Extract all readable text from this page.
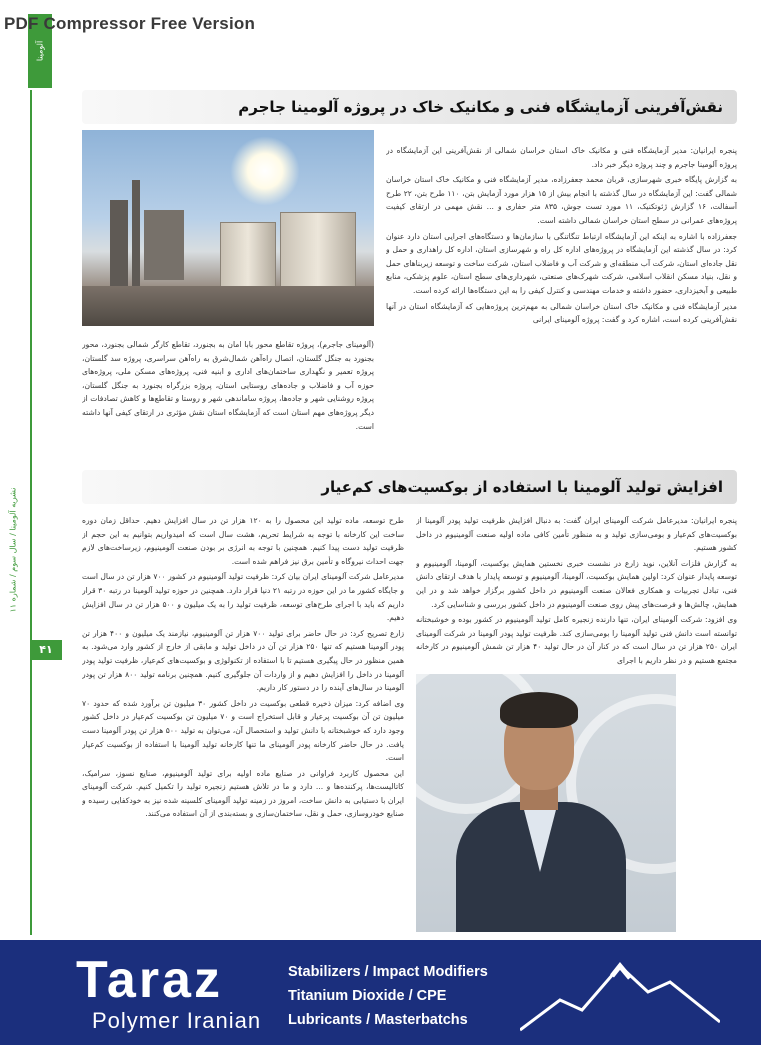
PDF Compressor Free Version
آلومینا
نشریه آلومینا / سال سوم / شماره ۱۱
۴۱
نقش‌آفرینی آزمایشگاه فنی و مکانیک خاک در پروژه آلومینا جاجرم

پنجره ایرانیان: مدیر آزمایشگاه فنی و مکانیک خاک استان خراسان شمالی از نقش‌آفرینی این آزمایشگاه در پروژه آلومینا جاجرم و چند پروژه دیگر خبر داد.

به گزارش پایگاه خبری شهرسازی، قربان محمد جعفرزاده، مدیر آزمایشگاه فنی و مکانیک خاک استان خراسان شمالی گفت: این آزمایشگاه در سال گذشته با انجام بیش از ۱۵ هزار مورد آزمایش بتن، ۱۱۰ طرح بتن، ۲۲ طرح آسفالت، ۱۶ گزارش ژئوتکنیک، ۱۱ مورد تست جوش، ۸۳۵ متر حفاری و ... نقش مهمی در ارتقای کیفیت پروژه‌های عمرانی در سطح استان خراسان شمالی داشته است.

جعفرزاده با اشاره به اینکه این آزمایشگاه ارتباط تنگاتنگی با سازمان‌ها و دستگاه‌های اجرایی استان دارد عنوان کرد: در سال گذشته این آزمایشگاه در پروژه‌های اداره کل راه و شهرسازی استان، اداره کل راهداری و حمل و نقل جاده‌ای استان، شرکت آب منطقه‌ای و شرکت آب و فاضلاب استان، شرکت ساخت و توسعه زیربناهای حمل و نقل، بنیاد مسکن انقلاب اسلامی، شرکت شهرک‌های صنعتی، شهرداری‌های سطح استان، علوم پزشکی، منابع طبیعی و آبخیزداری، حضور داشته و خدمات مهندسی و کنترل کیفی را به این دستگاه‌ها ارائه کرده است.

مدیر آزمایشگاه فنی و مکانیک خاک استان خراسان شمالی به مهم‌ترین پروژه‌هایی که آزمایشگاه استان در آنها نقش‌آفرینی کرده است، اشاره کرد و گفت: پروژه آلومینای ایرانی

(آلومینای جاجرم)، پروژه تقاطع محور بابا امان به بجنورد، تقاطع کارگر شمالی بجنورد، محور بجنورد به جنگل گلستان، اتصال راه‌آهن شمال‌شرق به راه‌آهن سراسری، پروژه سد گلستان، پروژه تعمیر و نگهداری ساختمان‌های اداری و ابنیه فنی، پروژه‌های مسکن ملی، پروژه‌های حوزه آب و فاضلاب و جاده‌های روستایی استان، پروژه بزرگراه بجنورد به جنگل گلستان، پروژه روشنایی شهر و جاده‌ها، پروژه ساماندهی شهر و روستا و تقاطع‌ها و کاهش تصادفات از دیگر پروژه‌های مهم استان است که آزمایشگاه استان نقش مؤثری در ارتقای کیفی آنها داشته است.

افزایش تولید آلومینا با استفاده از بوکسیت‌های کم‌عیار

پنجره ایرانیان: مدیرعامل شرکت آلومینای ایران گفت: به دنبال افزایش ظرفیت تولید پودر آلومینا از بوکسیت‌های کم‌عیار و بومی‌سازی تولید و به منظور تأمین کافی ماده اولیه صنعت آلومینیوم در داخل کشور هستیم.

به گزارش فلزات آنلاین، نوید زارع در نشست خبری نخستین همایش بوکسیت، آلومینا، آلومینیوم و توسعه پایدار عنوان کرد: اولین همایش بوکسیت، آلومینا، آلومینیوم و توسعه پایدار با هدف ارتقای دانش فنی، تبادل تجربیات و همکاری فعالان صنعت آلومینیوم در داخل کشور برگزار خواهد شد و در این همایش، چالش‌ها و فرصت‌های پیش روی صنعت آلومینیوم در داخل کشور بررسی و شناسایی کرد.

وی افزود: شرکت آلومینای ایران، تنها دارنده زنجیره کامل تولید آلومینیوم در کشور بوده و خوشبختانه توانسته است دانش فنی تولید آلومینا را بومی‌سازی کند. ظرفیت تولید پودر آلومینا در شرکت آلومینای ایران ۲۵۰ هزار تن در سال است که در کنار آن در حال تولید ۴۰ هزار تن شمش آلومینیوم در کارخانه مجتمع هستیم و در نظر داریم با اجرای

طرح توسعه، ماده تولید این محصول را به ۱۲۰ هزار تن در سال افزایش دهیم. حداقل زمان دوره ساخت این کارخانه با توجه به شرایط تحریم، هشت سال است که امیدواریم بتوانیم به این حجم از ظرفیت تولید دست پیدا کنیم. همچنین با توجه به انرژی بر بودن صنعت آلومینیوم، زیرساخت‌های لازم جهت احداث نیروگاه و تأمین برق نیز فراهم شده است.

مدیرعامل شرکت آلومینای ایران بیان کرد: ظرفیت تولید آلومینیوم در کشور ۷۰۰ هزار تن در سال است و جایگاه کشور ما در این حوزه در رتبه ۲۱ دنیا قرار دارد. همچنین در حوزه تولید آلومینا در رتبه ۳۰ قرار داریم که باید با اجرای طرح‌های توسعه، ظرفیت تولید را به یک میلیون و ۵۰۰ هزار تن در سال افزایش دهیم.

زارع تصریح کرد: در حال حاضر برای تولید ۷۰۰ هزار تن آلومینیوم، نیازمند یک میلیون و ۴۰۰ هزار تن پودر آلومینا هستیم که تنها ۲۵۰ هزار تن آن در داخل تولید و مابقی از خارج از کشور وارد می‌شود. به همین منظور در حال پیگیری هستیم تا با استفاده از تکنولوژی و بوکسیت‌های کم‌عیار، ظرفیت تولید پودر آلومینا در داخل را افزایش دهیم و از واردات آن جلوگیری کنیم. همچنین برنامه تولید ۸۰۰ هزار تن پودر آلومینا در سال‌های آینده را در دستور کار داریم.

وی اضافه کرد: میزان ذخیره قطعی بوکسیت در داخل کشور ۳۰ میلیون تن برآورد شده که حدود ۷۰ میلیون تن آن بوکسیت پرعیار و قابل استخراج است و ۷۰ میلیون تن بوکسیت کم‌عیار در داخل کشور وجود دارد که خوشبختانه با دانش تولید و استحصال آن، می‌توان به تولید ۵۰۰ هزار تن پودر آلومینا دست یافت. در حال حاضر کارخانه پودر آلومینای ما تنها کارخانه تولید آلومینا با استفاده از بوکسیت کم‌عیار است.

این محصول کاربرد فراوانی در صنایع ماده اولیه برای تولید آلومینیوم، صنایع نسوز، سرامیک، کاتالیست‌ها، پرکننده‌ها و ... دارد و ما در تلاش هستیم زنجیره تولید را تکمیل کنیم. شرکت آلومینای ایران با دستیابی به دانش ساخت، امروز در زمینه تولید آلومینای کلسینه شده نیز به خودکفایی رسیده و صنایع خودروسازی، حمل و نقل، ساختمان‌سازی و بسته‌بندی از آن استفاده می‌کنند.

Taraz
Polymer Iranian
Stabilizers / Impact Modifiers
Titanium Dioxide / CPE
Lubricants / Masterbatchs
